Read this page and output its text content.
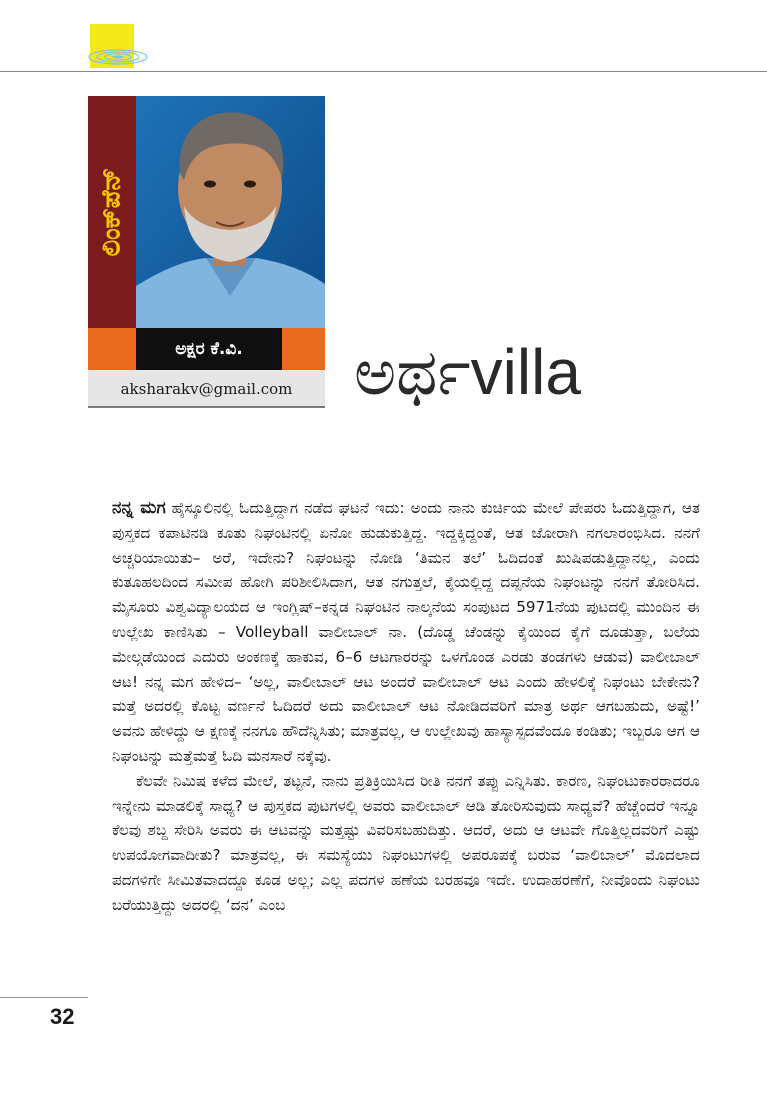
ಲಿಂಕ್‌ಪೆನ್
ಅಕ್ಷರ ಕೆ.ವಿ.
aksharakv@gmail.com ಅರ್ಥvilla

ನನ್ನ ಮಗ ಹೈಸ್ಕೂಲಿನಲ್ಲಿ ಓದುತ್ತಿದ್ದಾಗ ನಡೆದ ಘಟನೆ ಇದು: ಅಂದು ನಾನು ಕುರ್ಚಿಯ ಮೇಲೆ ಪೇಪರು ಓದುತ್ತಿದ್ದಾಗ, ಆತ ಪುಸ್ತಕದ ಕಪಾಟಿನಡಿ ಕೂತು ನಿಘಂಟಿನಲ್ಲಿ ಏನೋ ಹುಡುಕುತ್ತಿದ್ದ. ಇದ್ದಕ್ಕಿದ್ದಂತೆ, ಆತ ಜೋರಾಗಿ ನಗಲಾರಂಭಿಸಿದ. ನನಗೆ ಅಚ್ಚರಿಯಾಯಿತು– ಅರೆ, ಇದೇನು? ನಿಘಂಟನ್ನು ನೋಡಿ ‘ತಿಮನ ತಲೆ’ ಓದಿದಂತೆ ಖುಷಿಪಡುತ್ತಿದ್ದಾನಲ್ಲ, ಎಂದು ಕುತೂಹಲದಿಂದ ಸಮೀಪ ಹೋಗಿ ಪರಿಶೀಲಿಸಿದಾಗ, ಆತ ನಗುತ್ತಲೆ, ಕೈಯಲ್ಲಿದ್ದ ದಪ್ಪನೆಯ ನಿಘಂಟನ್ನು ನನಗೆ ತೋರಿಸಿದ. ಮೈಸೂರು ವಿಶ್ವವಿದ್ಯಾಲಯದ ಆ ಇಂಗ್ಲಿಷ್–ಕನ್ನಡ ನಿಘಂಟಿನ ನಾಲ್ಕನೆಯ ಸಂಪುಟದ 5971ನೆಯ ಪುಟದಲ್ಲಿ ಮುಂದಿನ ಈ ಉಲ್ಲೇಖ ಕಾಣಿಸಿತು – Volleyball ವಾಲೀಬಾಲ್ ನಾ. (ದೊಡ್ಡ ಚೆಂಡನ್ನು ಕೈಯಿಂದ ಕೈಗೆ ದೂಡುತ್ತಾ, ಬಲೆಯ ಮೇಲ್ಗಡೆಯಿಂದ ಎದುರು ಅಂಕಣಕ್ಕೆ ಹಾಕುವ, 6–6 ಆಟಗಾರರನ್ನು ಒಳಗೊಂಡ ಎರಡು ತಂಡಗಳು ಆಡುವ) ವಾಲೀಬಾಲ್ ಆಟ! ನನ್ನ ಮಗ ಹೇಳಿದ– ‘ಅಲ್ಲ, ವಾಲೀಬಾಲ್ ಆಟ ಅಂದರೆ ವಾಲೀಬಾಲ್ ಆಟ ಎಂದು ಹೇಳಲಿಕ್ಕೆ ನಿಘಂಟು ಬೇಕೇನು? ಮತ್ತೆ ಅದರಲ್ಲಿ ಕೊಟ್ಟ ವರ್ಣನೆ ಓದಿದರೆ ಅದು ವಾಲೀಬಾಲ್ ಆಟ ನೋಡಿದವರಿಗೆ ಮಾತ್ರ ಅರ್ಥ ಆಗಬಹುದು, ಅಷ್ಟೆ!’ ಅವನು ಹೇಳಿದ್ದು ಆ ಕ್ಷಣಕ್ಕೆ ನನಗೂ ಹೌದೆನ್ನಿಸಿತು; ಮಾತ್ರವಲ್ಲ, ಆ ಉಲ್ಲೇಖವು ಹಾಸ್ಯಾಸ್ಪದವೆಂದೂ ಕಂಡಿತು; ಇಬ್ಬರೂ ಆಗ ಆ ನಿಘಂಟನ್ನು ಮತ್ತೆಮತ್ತೆ ಓದಿ ಮನಸಾರೆ ನಕ್ಕೆವು.

ಕೆಲವೇ ನಿಮಿಷ ಕಳೆದ ಮೇಲೆ, ತಟ್ಟನೆ, ನಾನು ಪ್ರತಿಕ್ರಿಯಿಸಿದ ರೀತಿ ನನಗೆ ತಪ್ಪು ಎನ್ನಿಸಿತು. ಕಾರಣ, ನಿಘಂಟುಕಾರರಾದರೂ ಇನ್ನೇನು ಮಾಡಲಿಕ್ಕೆ ಸಾಧ್ಯ? ಆ ಪುಸ್ತಕದ ಪುಟಗಳಲ್ಲಿ ಅವರು ವಾಲೀಬಾಲ್ ಆಡಿ ತೋರಿಸುವುದು ಸಾಧ್ಯವೆ? ಹೆಚ್ಚೆಂದರೆ ಇನ್ನೂ ಕೆಲವು ಶಬ್ದ ಸೇರಿಸಿ ಅವರು ಈ ಆಟವನ್ನು ಮತ್ತಷ್ಟು ವಿವರಿಸಬಹುದಿತ್ತು. ಆದರೆ, ಅದು ಆ ಆಟವೇ ಗೊತ್ತಿಲ್ಲದವರಿಗೆ ಎಷ್ಟು ಉಪಯೋಗವಾದೀತು? ಮಾತ್ರವಲ್ಲ, ಈ ಸಮಸ್ಯೆಯು ನಿಘಂಟುಗಳಲ್ಲಿ ಅಪರೂಪಕ್ಕೆ ಬರುವ ‘ವಾಲಿಬಾಲ್’ ಮೊದಲಾದ ಪದಗಳಿಗೇ ಸೀಮಿತವಾದದ್ದೂ ಕೂಡ ಅಲ್ಲ; ಎಲ್ಲ ಪದಗಳ ಹಣೆಯ ಬರಹವೂ ಇದೇ. ಉದಾಹರಣೆಗೆ, ನೀವೊಂದು ನಿಘಂಟು ಬರೆಯುತ್ತಿದ್ದು ಅದರಲ್ಲಿ ‘ದನ’ ಎಂಬ

32
